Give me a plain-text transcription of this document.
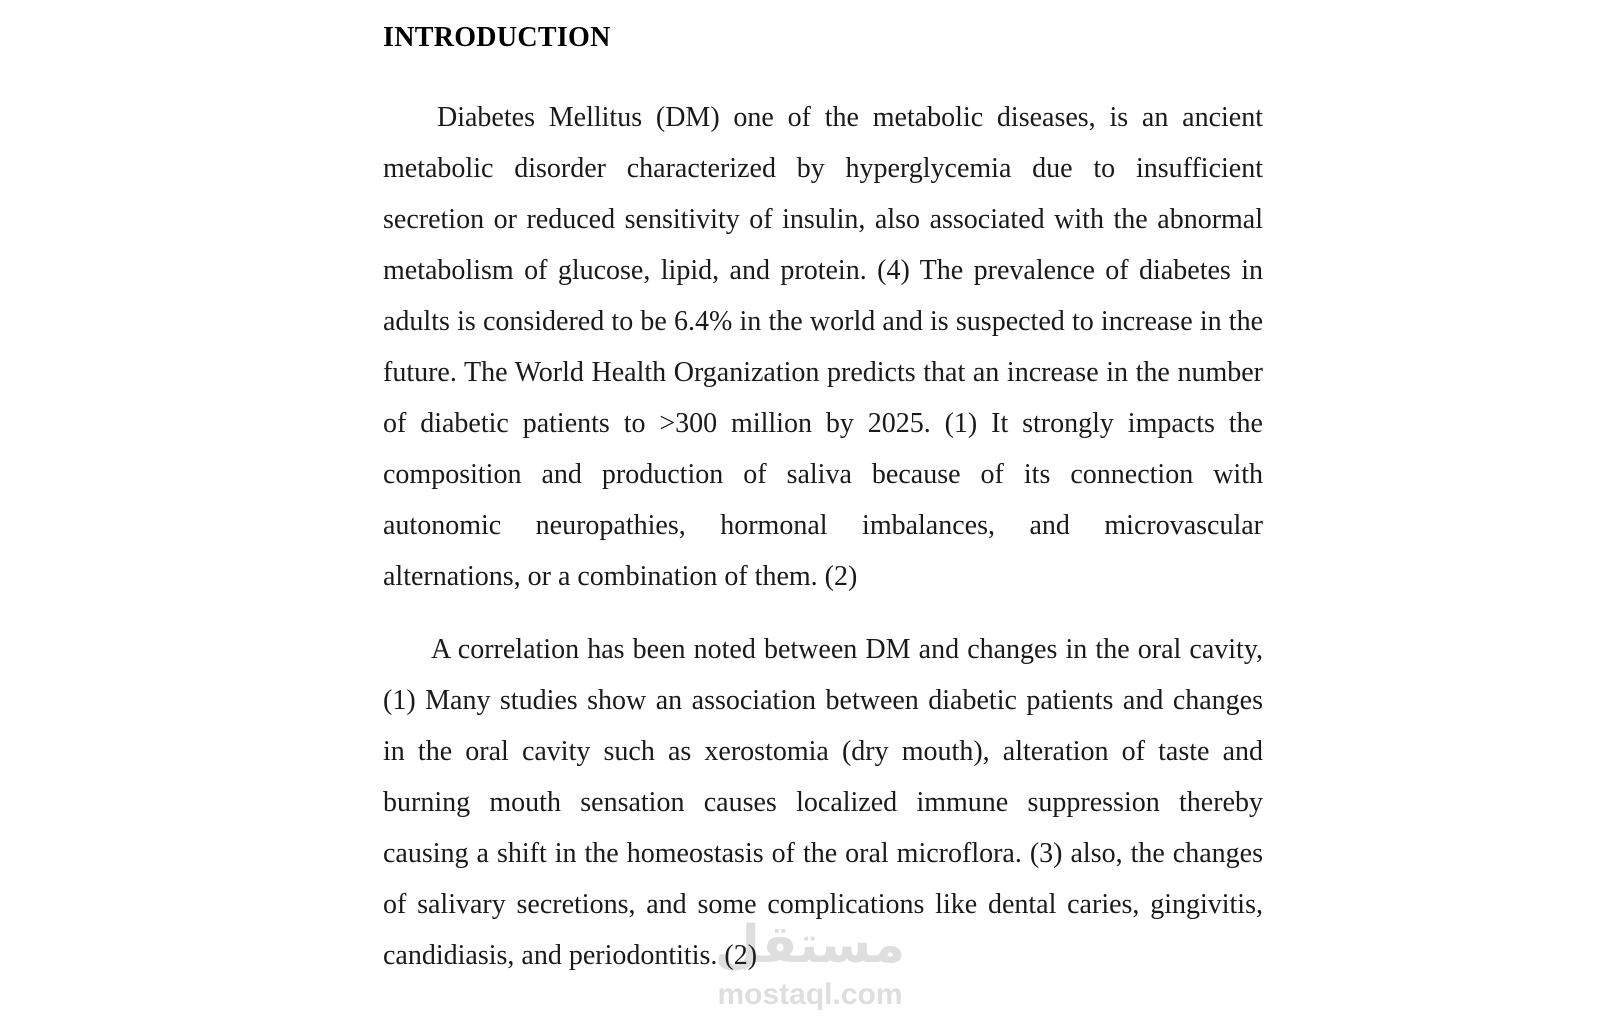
INTRODUCTION

Diabetes Mellitus (DM) one of the metabolic diseases, is an ancient metabolic disorder characterized by hyperglycemia due to insufficient secretion or reduced sensitivity of insulin, also associated with the abnormal metabolism of glucose, lipid, and protein. (4) The prevalence of diabetes in adults is considered to be 6.4% in the world and is suspected to increase in the future. The World Health Organization predicts that an increase in the number of diabetic patients to >300 million by 2025. (1) It strongly impacts the composition and production of saliva because of its connection with autonomic neuropathies, hormonal imbalances, and microvascular alternations, or a combination of them. (2)

A correlation has been noted between DM and changes in the oral cavity, (1) Many studies show an association between diabetic patients and changes in the oral cavity such as xerostomia (dry mouth), alteration of taste and burning mouth sensation causes localized immune suppression thereby causing a shift in the homeostasis of the oral microflora. (3) also, the changes of salivary secretions, and some complications like dental caries, gingivitis, candidiasis, and periodontitis. (2)

مستقل
mostaql.com
